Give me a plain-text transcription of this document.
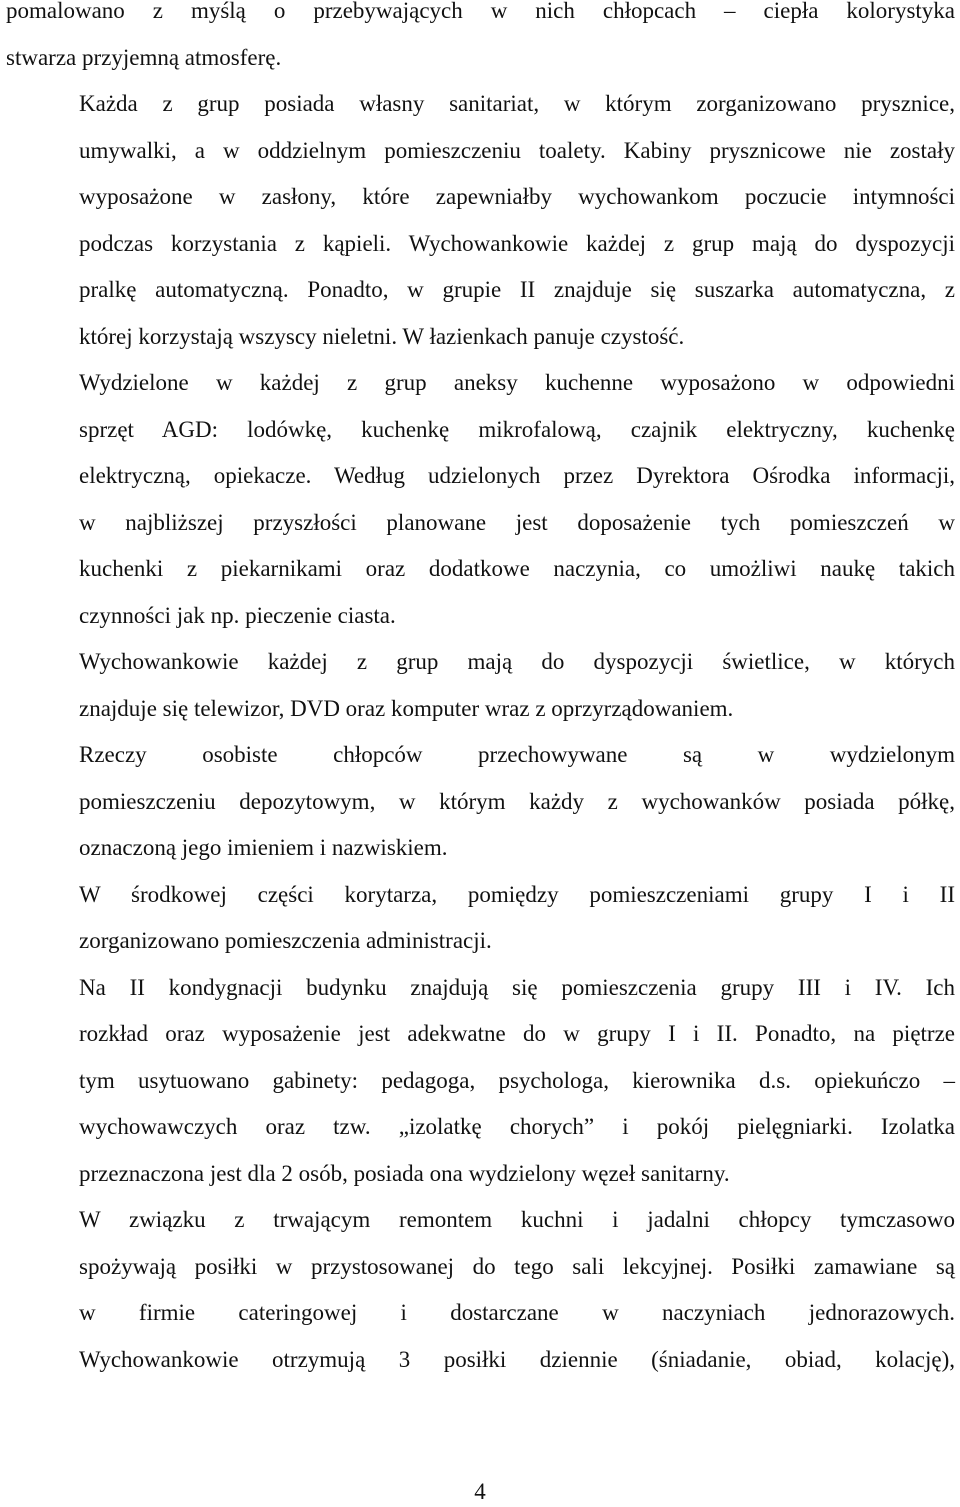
pomalowano z myślą o przebywających w nich chłopcach – ciepła kolorystyka
stwarza przyjemną atmosferę.

Każda z grup posiada własny sanitariat, w którym zorganizowano prysznice,
umywalki, a w oddzielnym pomieszczeniu toalety. Kabiny prysznicowe nie zostały
wyposażone w zasłony, które zapewniałby wychowankom poczucie intymności
podczas korzystania z kąpieli. Wychowankowie każdej z grup mają do dyspozycji
pralkę automatyczną. Ponadto, w grupie II znajduje się suszarka automatyczna, z
której korzystają wszyscy nieletni. W łazienkach panuje czystość.

Wydzielone w każdej z grup aneksy kuchenne wyposażono w odpowiedni
sprzęt AGD: lodówkę, kuchenkę mikrofalową, czajnik elektryczny, kuchenkę
elektryczną, opiekacze. Według udzielonych przez Dyrektora Ośrodka informacji,
w najbliższej przyszłości planowane jest doposażenie tych pomieszczeń w
kuchenki z piekarnikami oraz dodatkowe naczynia, co umożliwi naukę takich
czynności jak np. pieczenie ciasta.

Wychowankowie każdej z grup mają do dyspozycji świetlice, w których
znajduje się telewizor, DVD oraz komputer wraz z oprzyrządowaniem.

Rzeczy osobiste chłopców przechowywane są w wydzielonym
pomieszczeniu depozytowym, w którym każdy z wychowanków posiada półkę,
oznaczoną jego imieniem i nazwiskiem.

W środkowej części korytarza, pomiędzy pomieszczeniami grupy I i II
zorganizowano pomieszczenia administracji.

Na II kondygnacji budynku znajdują się pomieszczenia grupy III i IV. Ich
rozkład oraz wyposażenie jest adekwatne do w grupy I i II. Ponadto, na piętrze
tym usytuowano gabinety: pedagoga, psychologa, kierownika d.s. opiekuńczo –
wychowawczych oraz tzw. „izolatkę chorych” i pokój pielęgniarki. Izolatka
przeznaczona jest dla 2 osób, posiada ona wydzielony węzeł sanitarny.

W związku z trwającym remontem kuchni i jadalni chłopcy tymczasowo
spożywają posiłki w przystosowanej do tego sali lekcyjnej. Posiłki zamawiane są
w firmie cateringowej i dostarczane w naczyniach jednorazowych.
Wychowankowie otrzymują 3 posiłki dziennie (śniadanie, obiad, kolację),

4
